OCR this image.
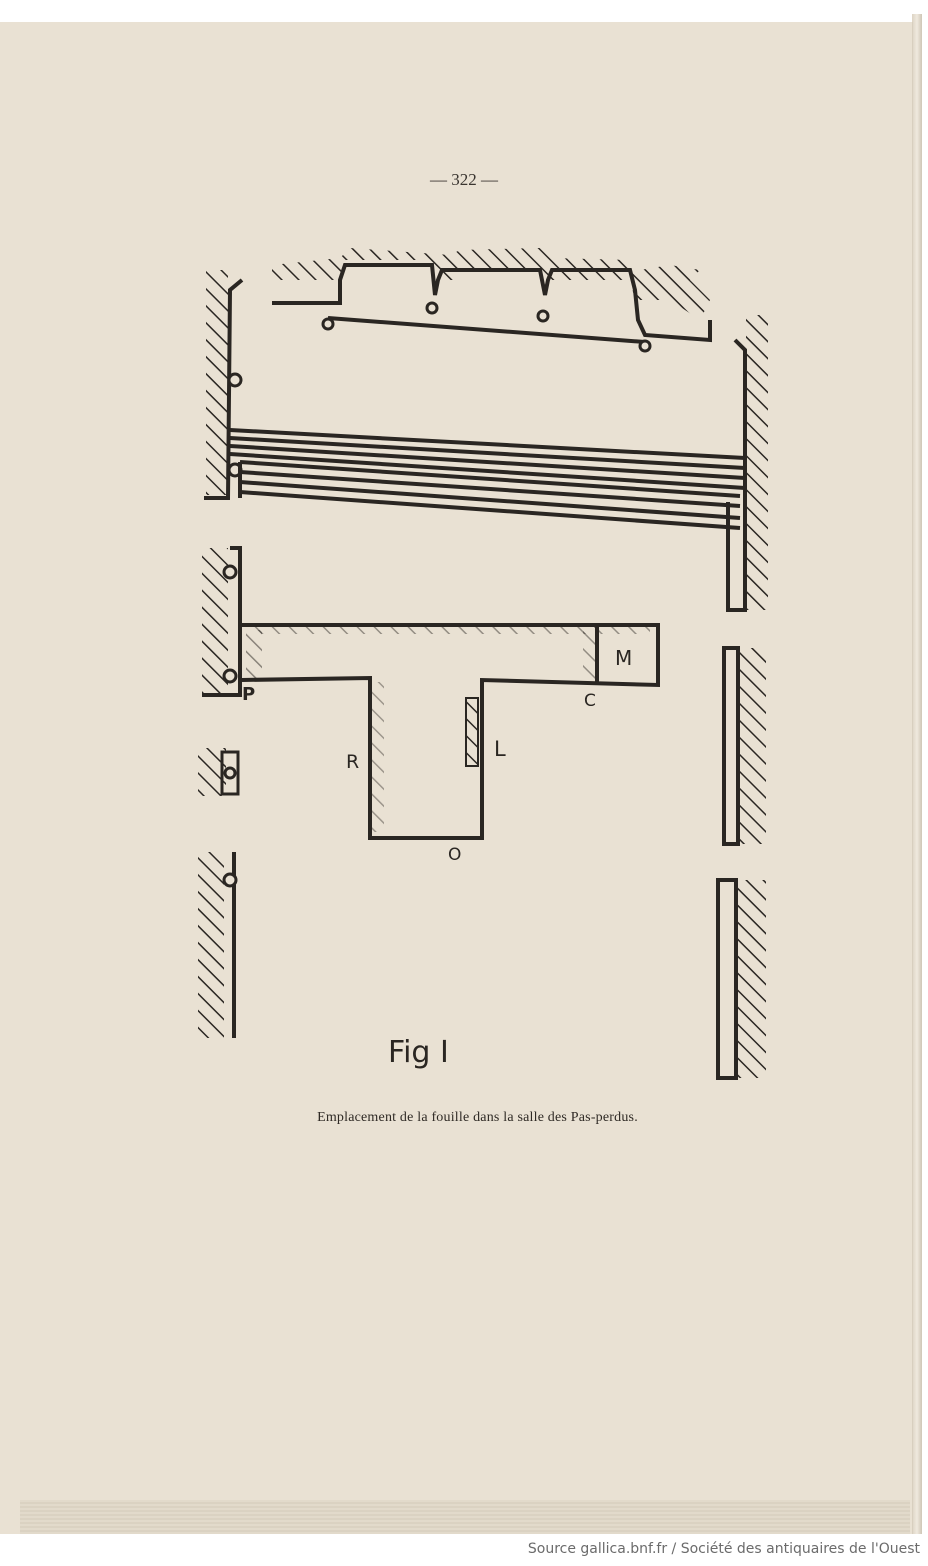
— 322 —
P	C
M
R
L
O
Fig I
Emplacement de la fouille dans la salle des Pas-perdus.
Source gallica.bnf.fr / Société des antiquaires de l'Ouest
